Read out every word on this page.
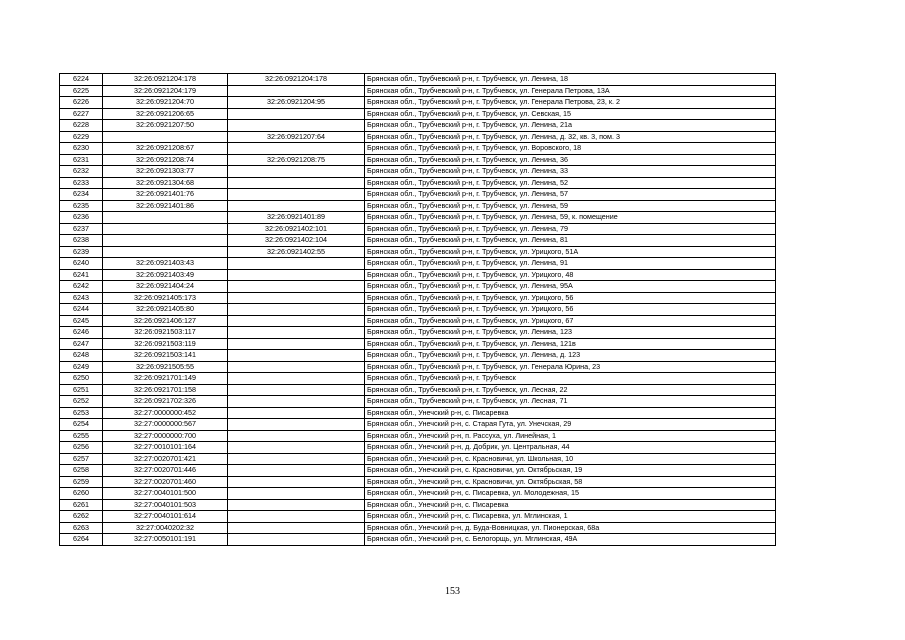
6224	32:26:0921204:178	32:26:0921204:178	Брянская обл., Трубчевский р-н, г. Трубчевск, ул. Ленина, 18
6225	32:26:0921204:179		Брянская обл., Трубчевский р-н, г. Трубчевск, ул. Генерала Петрова, 13А
6226	32:26:0921204:70	32:26:0921204:95	Брянская обл., Трубчевский р-н, г. Трубчевск, ул. Генерала Петрова, 23, к. 2
6227	32:26:0921206:65		Брянская обл., Трубчевский р-н, г. Трубчевск, ул. Севская, 15
6228	32:26:0921207:50		Брянская обл., Трубчевский р-н, г. Трубчевск, ул. Ленина, 21а
6229		32:26:0921207:64	Брянская обл., Трубчевский р-н, г. Трубчевск, ул. Ленина, д. 32, кв. 3, пом. 3
6230	32:26:0921208:67		Брянская обл., Трубчевский р-н, г. Трубчевск, ул. Воровского, 18
6231	32:26:0921208:74	32:26:0921208:75	Брянская обл., Трубчевский р-н, г. Трубчевск, ул. Ленина, 36
6232	32:26:0921303:77		Брянская обл., Трубчевский р-н, г. Трубчевск, ул. Ленина, 33
6233	32:26:0921304:68		Брянская обл., Трубчевский р-н, г. Трубчевск, ул. Ленина, 52
6234	32:26:0921401:76		Брянская обл., Трубчевский р-н, г. Трубчевск, ул. Ленина, 57
6235	32:26:0921401:86		Брянская обл., Трубчевский р-н, г. Трубчевск, ул. Ленина, 59
6236		32:26:0921401:89	Брянская обл., Трубчевский р-н, г. Трубчевск, ул. Ленина, 59, к. помещение
6237		32:26:0921402:101	Брянская обл., Трубчевский р-н, г. Трубчевск, ул. Ленина, 79
6238		32:26:0921402:104	Брянская обл., Трубчевский р-н, г. Трубчевск, ул. Ленина, 81
6239		32:26:0921402:55	Брянская обл., Трубчевский р-н, г. Трубчевск, ул. Урицкого, 51А
6240	32:26:0921403:43		Брянская обл., Трубчевский р-н, г. Трубчевск, ул. Ленина, 91
6241	32:26:0921403:49		Брянская обл., Трубчевский р-н, г. Трубчевск, ул. Урицкого, 48
6242	32:26:0921404:24		Брянская обл., Трубчевский р-н, г. Трубчевск, ул. Ленина, 95А
6243	32:26:0921405:173		Брянская обл., Трубчевский р-н, г. Трубчевск, ул. Урицкого, 56
6244	32:26:0921405:80		Брянская обл., Трубчевский р-н, г. Трубчевск, ул. Урицкого, 56
6245	32:26:0921406:127		Брянская обл., Трубчевский р-н, г. Трубчевск, ул. Урицкого, 67
6246	32:26:0921503:117		Брянская обл., Трубчевский р-н, г. Трубчевск, ул. Ленина, 123
6247	32:26:0921503:119		Брянская обл., Трубчевский р-н, г. Трубчевск, ул. Ленина, 121в
6248	32:26:0921503:141		Брянская обл., Трубчевский р-н, г. Трубчевск, ул. Ленина, д. 123
6249	32:26:0921505:55		Брянская обл., Трубчевский р-н, г. Трубчевск, ул. Генерала Юрина, 23
6250	32:26:0921701:149		Брянская обл., Трубчевский р-н, г. Трубчевск
6251	32:26:0921701:158		Брянская обл., Трубчевский р-н, г. Трубчевск, ул. Лесная, 22
6252	32:26:0921702:326		Брянская обл., Трубчевский р-н, г. Трубчевск, ул. Лесная, 71
6253	32:27:0000000:452		Брянская обл., Унечский р-н, с. Писаревка
6254	32:27:0000000:567		Брянская обл., Унечский р-н, с. Старая Гута, ул. Унечская, 29
6255	32:27:0000000:700		Брянская обл., Унечский р-н, п. Рассуха, ул. Линейная, 1
6256	32:27:0010101:164		Брянская обл., Унечский р-н, д. Добрик, ул. Центральная, 44
6257	32:27:0020701:421		Брянская обл., Унечский р-н, с. Красновичи, ул. Школьная, 10
6258	32:27:0020701:446		Брянская обл., Унечский р-н, с. Красновичи, ул. Октябрьская, 19
6259	32:27:0020701:460		Брянская обл., Унечский р-н, с. Красновичи, ул. Октябрьская, 58
6260	32:27:0040101:500		Брянская обл., Унечский р-н, с. Писаревка, ул. Молодежная, 15
6261	32:27:0040101:503		Брянская обл., Унечский р-н, с. Писаревка
6262	32:27:0040101:614		Брянская обл., Унечский р-н, с. Писаревка, ул. Мглинская, 1
6263	32:27:0040202:32		Брянская обл., Унечский р-н, д. Буда-Вовницкая, ул. Пионерская, 68а
6264	32:27:0050101:191		Брянская обл., Унечский р-н, с. Белогорщь, ул. Мглинская, 49А
153
